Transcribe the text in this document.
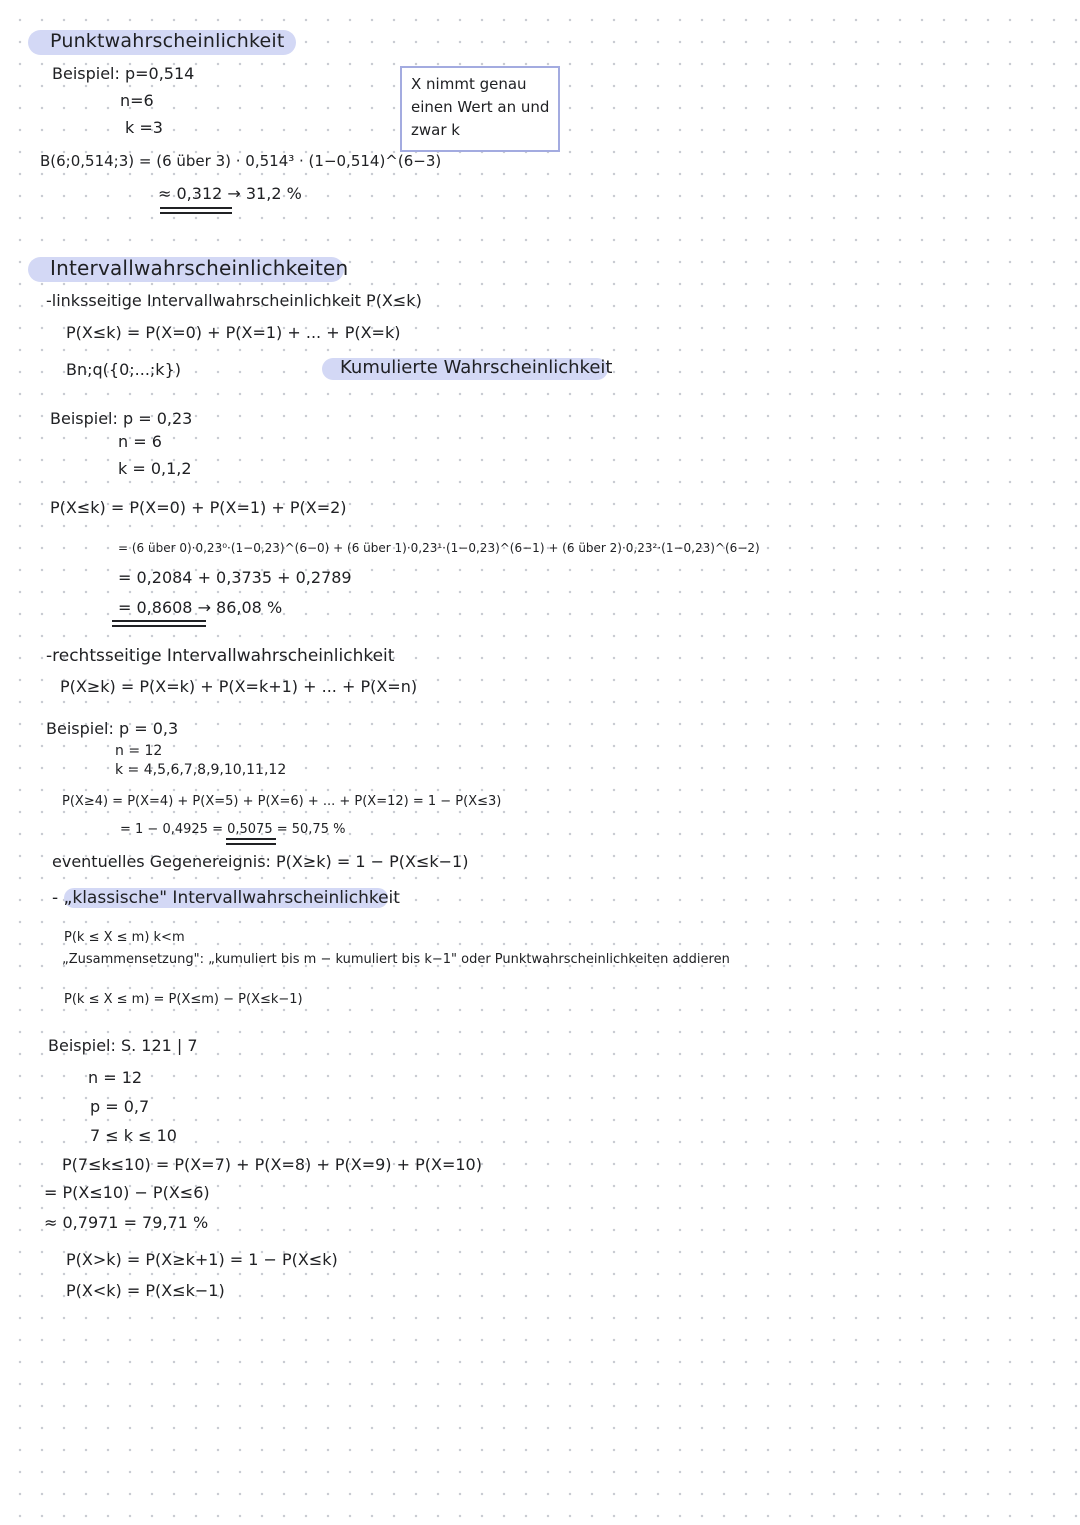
Punktwahrscheinlichkeit
Beispiel: p=0,514
n=6
k =3
B(6;0,514;3) = (6 über 3) · 0,514³ · (1−0,514)^(6−3)
≈ 0,312 → 31,2 %
X nimmt genau
einen Wert an und
zwar k
Intervallwahrscheinlichkeiten
-linksseitige Intervallwahrscheinlichkeit P(X≤k)
P(X≤k) = P(X=0) + P(X=1) + ... + P(X=k)
Bn;q({0;...;k})	Kumulierte Wahrscheinlichkeit
Beispiel: p = 0,23
n = 6
k = 0,1,2
P(X≤k) = P(X=0) + P(X=1) + P(X=2)
= (6 über 0)·0,23⁰·(1−0,23)^(6−0) + (6 über 1)·0,23¹·(1−0,23)^(6−1) + (6 über 2)·0,23²·(1−0,23)^(6−2)
= 0,2084 + 0,3735 + 0,2789
= 0,8608 → 86,08 %
-rechtsseitige Intervallwahrscheinlichkeit
P(X≥k) = P(X=k) + P(X=k+1) + ... + P(X=n)
Beispiel: p = 0,3
n = 12
k = 4,5,6,7,8,9,10,11,12
P(X≥4) = P(X=4) + P(X=5) + P(X=6) + ... + P(X=12) = 1 − P(X≤3)
= 1 − 0,4925 = 0,5075 = 50,75 %
eventuelles Gegenereignis: P(X≥k) = 1 − P(X≤k−1)
- „klassische" Intervallwahrscheinlichkeit
P(k ≤ X ≤ m) k<m
„Zusammensetzung": „kumuliert bis m − kumuliert bis k−1" oder Punktwahrscheinlichkeiten addieren
P(k ≤ X ≤ m) = P(X≤m) − P(X≤k−1)
Beispiel: S. 121 | 7
n = 12
p = 0,7
7 ≤ k ≤ 10
P(7≤k≤10) = P(X=7) + P(X=8) + P(X=9) + P(X=10)
= P(X≤10) − P(X≤6)
≈ 0,7971 = 79,71 %
P(X>k) = P(X≥k+1) = 1 − P(X≤k)
P(X<k) = P(X≤k−1)
